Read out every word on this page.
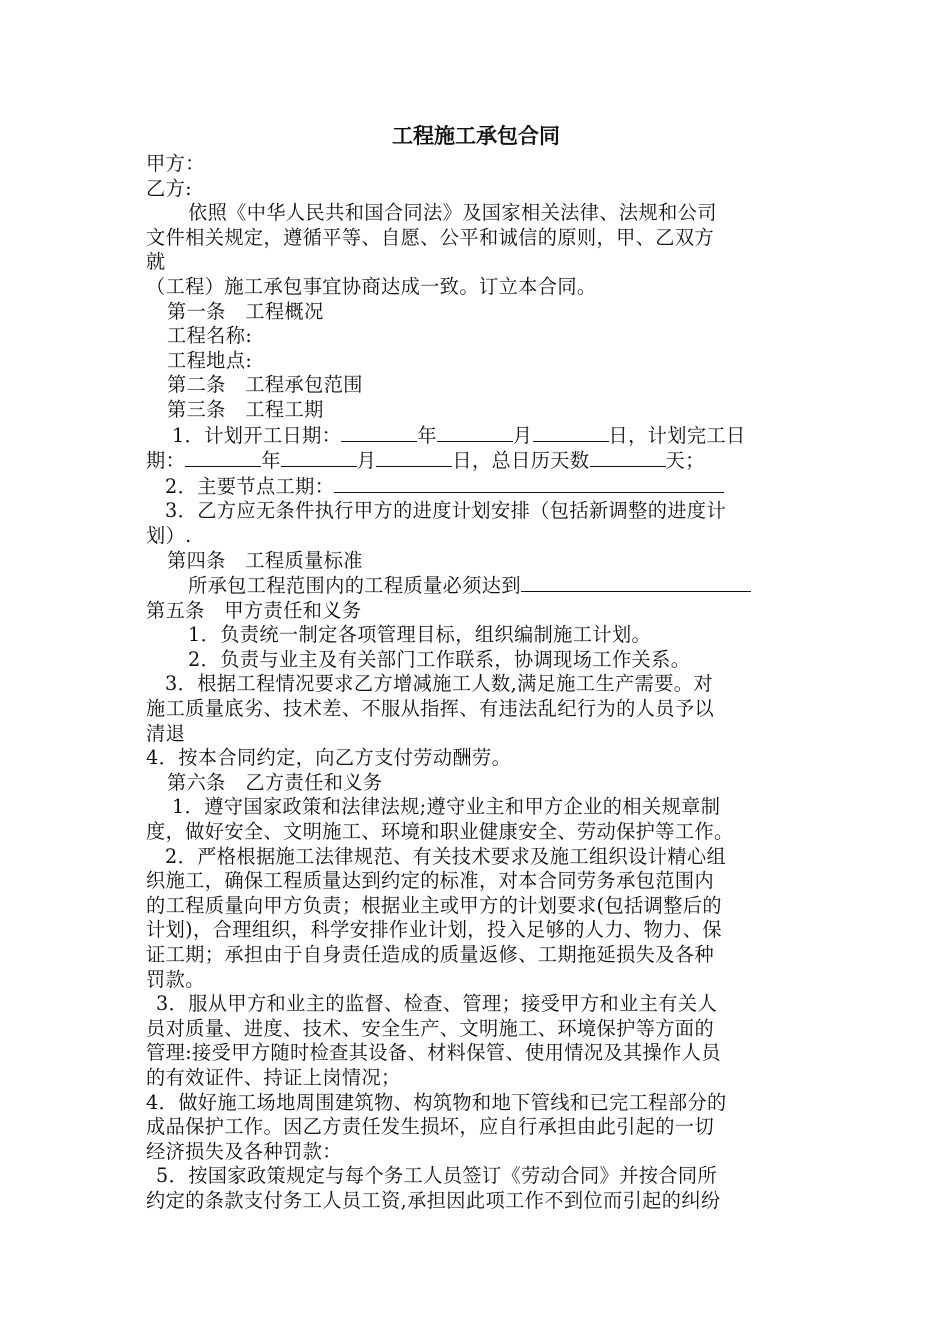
工程施工承包合同

甲方：

乙方:

依照《中华人民共和国合同法》及国家相关法律、法规和公司

文件相关规定，遵循平等、自愿、公平和诚信的原则，甲、乙双方

就

（工程）施工承包事宜协商达成一致。订立本合同。

第一条　工程概况

工程名称:

工程地点:

第二条　工程承包范围

第三条　工程工期

1．计划开工日期：	年	月	日，计划完工日

期：	年	月	日，总日历天数	天；

2．主要节点工期：

3．乙方应无条件执行甲方的进度计划安排（包括新调整的进度计

划）.

第四条　工程质量标准

所承包工程范围内的工程质量必须达到

第五条　甲方责任和义务

1．负责统一制定各项管理目标，组织编制施工计划。

2．负责与业主及有关部门工作联系，协调现场工作关系。

3．根据工程情况要求乙方增减施工人数,满足施工生产需要。对

施工质量底劣、技术差、不服从指挥、有违法乱纪行为的人员予以

清退

4．按本合同约定，向乙方支付劳动酬劳。

第六条　乙方责任和义务

1．遵守国家政策和法律法规;遵守业主和甲方企业的相关规章制

度，做好安全、文明施工、环境和职业健康安全、劳动保护等工作。

2．严格根据施工法律规范、有关技术要求及施工组织设计精心组

织施工，确保工程质量达到约定的标准，对本合同劳务承包范围内

的工程质量向甲方负责；根据业主或甲方的计划要求(包括调整后的

计划)，合理组织，科学安排作业计划，投入足够的人力、物力、保

证工期；承担由于自身责任造成的质量返修、工期拖延损失及各种

罚款。

3．服从甲方和业主的监督、检查、管理；接受甲方和业主有关人

员对质量、进度、技术、安全生产、文明施工、环境保护等方面的

管理:接受甲方随时检查其设备、材料保管、使用情况及其操作人员

的有效证件、持证上岗情况；

4．做好施工场地周围建筑物、构筑物和地下管线和已完工程部分的

成品保护工作。因乙方责任发生损坏，应自行承担由此引起的一切

经济损失及各种罚款：

5．按国家政策规定与每个务工人员签订《劳动合同》并按合同所

约定的条款支付务工人员工资,承担因此项工作不到位而引起的纠纷
